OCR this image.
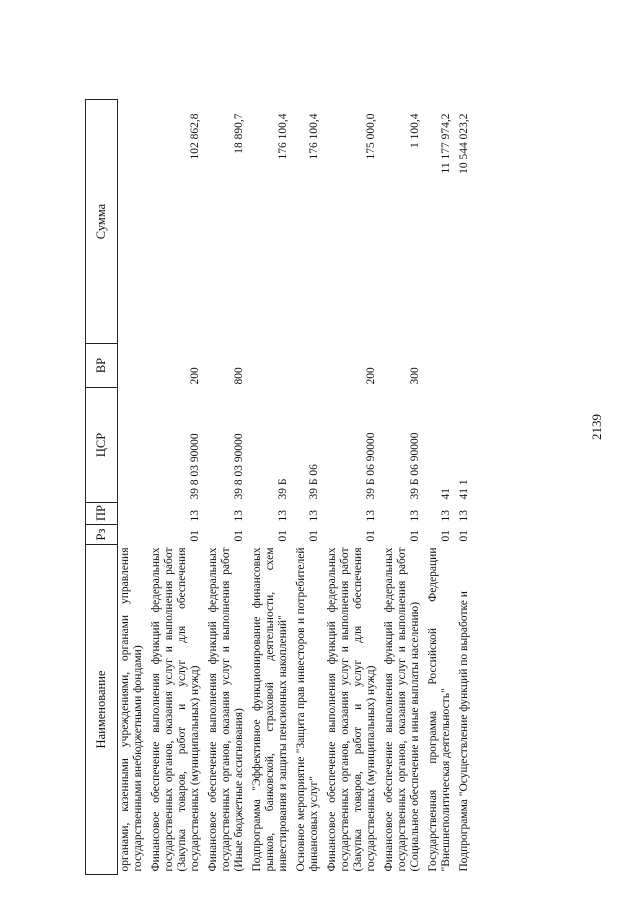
2139
Наименование	Рз	ПР	ЦСР	ВР	Сумма
органами, казенными учреждениями, органами управления государственными внебюджетными фондами)					
Финансовое обеспечение выполнения функций федеральных государственных органов, оказания услуг и выполнения работ (Закупка товаров, работ и услуг для обеспечения государственных (муниципальных) нужд)	01	13	39 8 03 90000	200	102 862,8
Финансовое обеспечение выполнения функций федеральных государственных органов, оказания услуг и выполнения работ (Иные бюджетные ассигнования)	01	13	39 8 03 90000	800	18 890,7
Подпрограмма "Эффективное функционирование финансовых рынков, банковской, страховой деятельности, схем инвестирования и защиты пенсионных накоплений"	01	13	39 Б		176 100,4
Основное мероприятие "Защита прав инвесторов и потребителей финансовых услуг"	01	13	39 Б 06		176 100,4
Финансовое обеспечение выполнения функций федеральных государственных органов, оказания услуг и выполнения работ (Закупка товаров, работ и услуг для обеспечения государственных (муниципальных) нужд)	01	13	39 Б 06 90000	200	175 000,0
Финансовое обеспечение выполнения функций федеральных государственных органов, оказания услуг и выполнения работ (Социальное обеспечение и иные выплаты населению)	01	13	39 Б 06 90000	300	1 100,4
Государственная программа Российской Федерации "Внешнеполитическая деятельность"	01	13	41		11 177 974,2
Подпрограмма "Осуществление функций по выработке и	01	13	41 1		10 544 023,2
